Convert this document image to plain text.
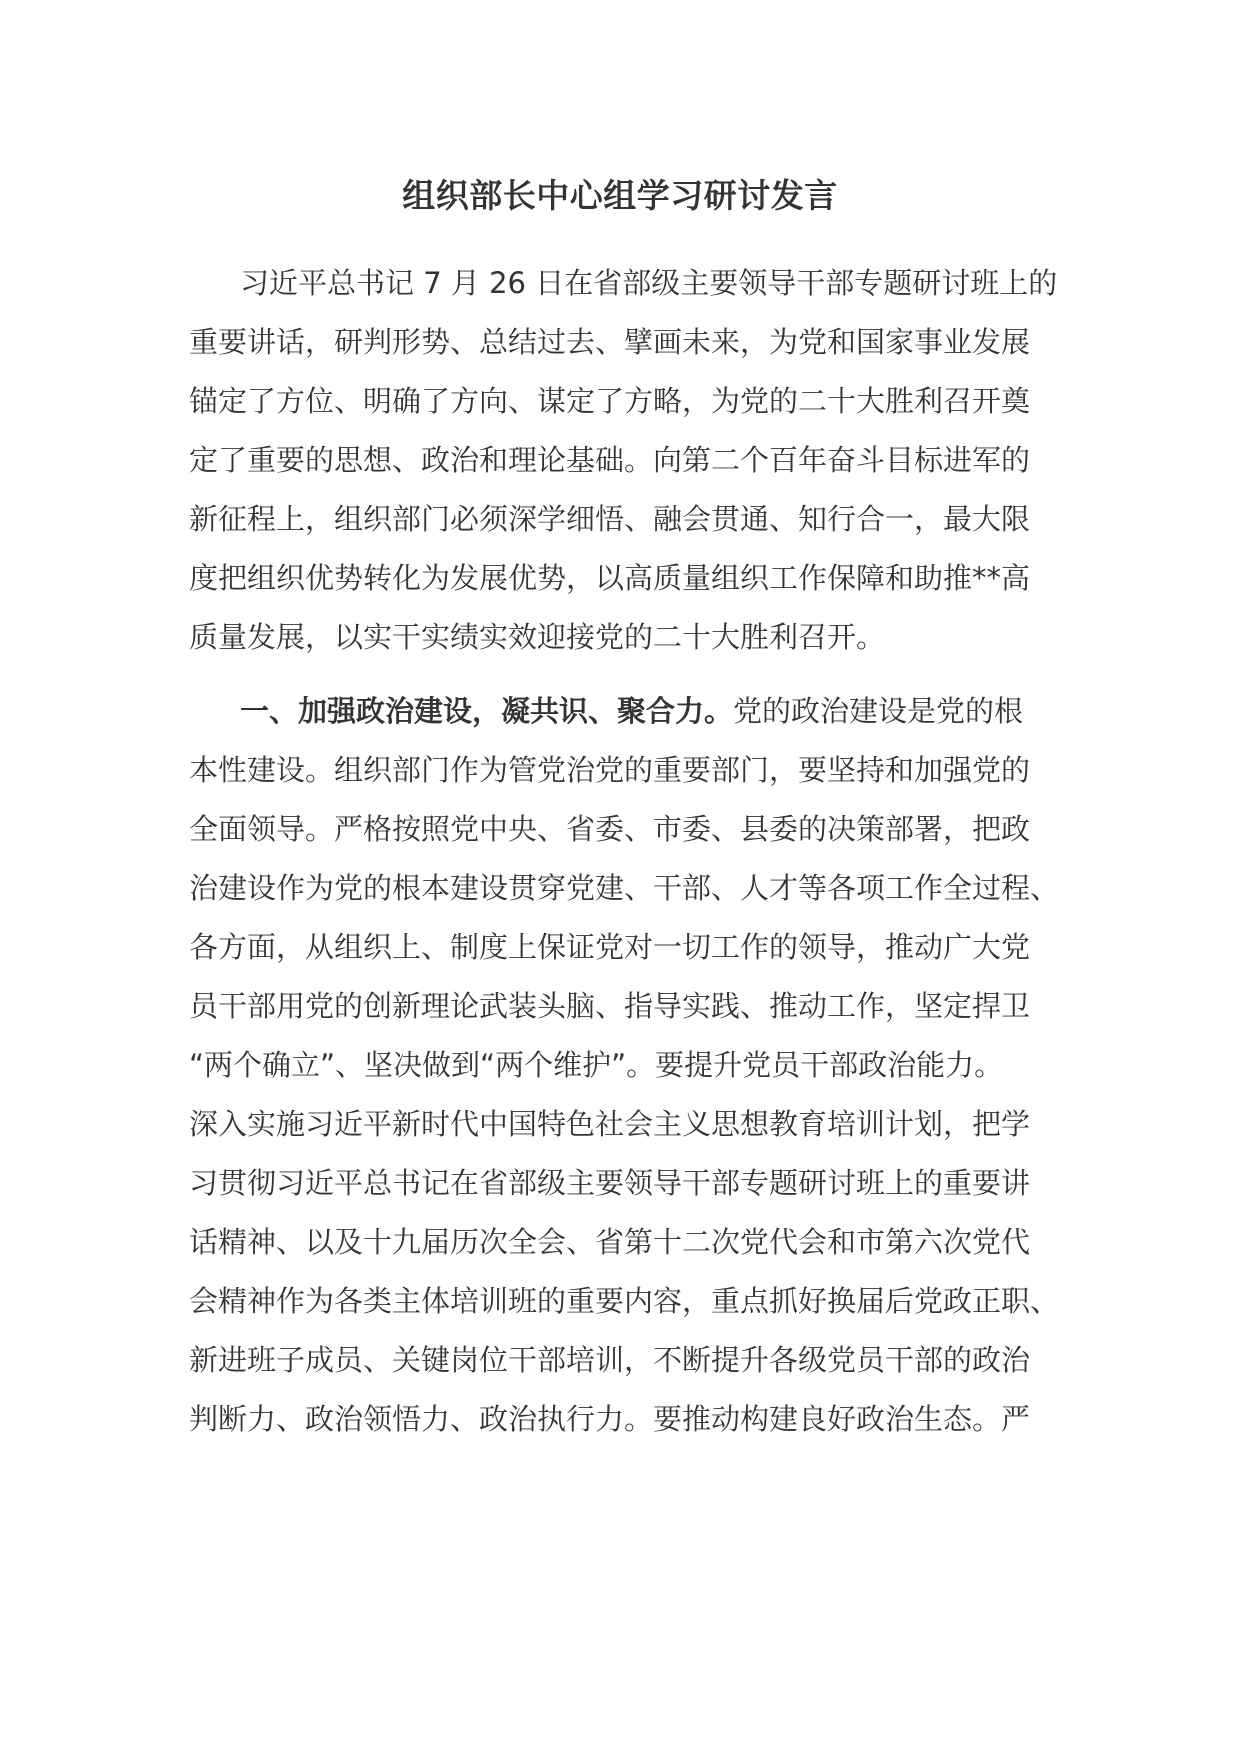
组织部长中心组学习研讨发言
习近平总书记 7 月 26 日在省部级主要领导干部专题研讨班上的
重要讲话，研判形势、总结过去、擘画未来，为党和国家事业发展
锚定了方位、明确了方向、谋定了方略，为党的二十大胜利召开奠
定了重要的思想、政治和理论基础。向第二个百年奋斗目标进军的
新征程上，组织部门必须深学细悟、融会贯通、知行合一，最大限
度把组织优势转化为发展优势，以高质量组织工作保障和助推**高
质量发展，以实干实绩实效迎接党的二十大胜利召开。
一、加强政治建设，凝共识、聚合力。党的政治建设是党的根
本性建设。组织部门作为管党治党的重要部门，要坚持和加强党的
全面领导。严格按照党中央、省委、市委、县委的决策部署，把政
治建设作为党的根本建设贯穿党建、干部、人才等各项工作全过程、
各方面，从组织上、制度上保证党对一切工作的领导，推动广大党
员干部用党的创新理论武装头脑、指导实践、推动工作，坚定捍卫
“两个确立”、坚决做到“两个维护”。要提升党员干部政治能力。
深入实施习近平新时代中国特色社会主义思想教育培训计划，把学
习贯彻习近平总书记在省部级主要领导干部专题研讨班上的重要讲
话精神、以及十九届历次全会、省第十二次党代会和市第六次党代
会精神作为各类主体培训班的重要内容，重点抓好换届后党政正职、
新进班子成员、关键岗位干部培训，不断提升各级党员干部的政治
判断力、政治领悟力、政治执行力。要推动构建良好政治生态。严
